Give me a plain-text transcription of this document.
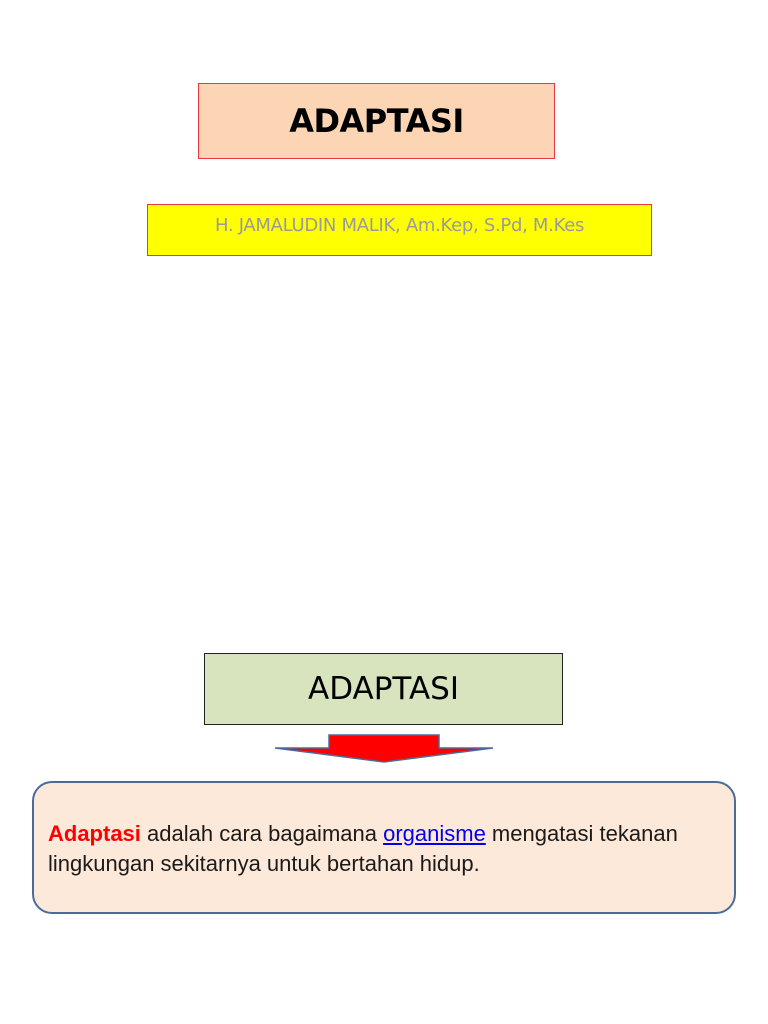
ADAPTASI
H. JAMALUDIN MALIK, Am.Kep, S.Pd, M.Kes
ADAPTASI

Adaptasi adalah cara bagaimana organisme mengatasi tekanan lingkungan sekitarnya untuk bertahan hidup.
